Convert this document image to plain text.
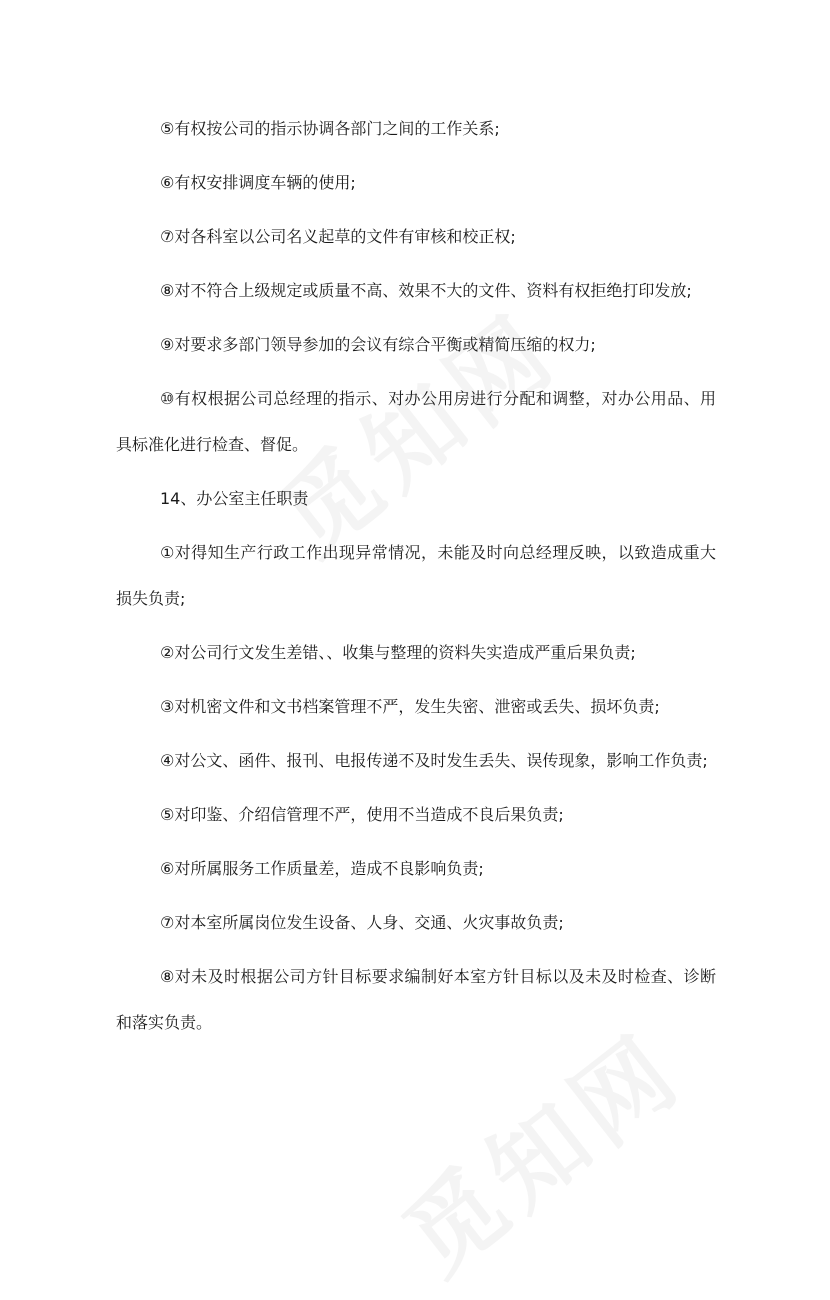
⑤有权按公司的指示协调各部门之间的工作关系;

⑥有权安排调度车辆的使用;

⑦对各科室以公司名义起草的文件有审核和校正权;

⑧对不符合上级规定或质量不高、效果不大的文件、资料有权拒绝打印发放;

⑨对要求多部门领导参加的会议有综合平衡或精简压缩的权力;

⑩有权根据公司总经理的指示、对办公用房进行分配和调整，对办公用品、用具标准化进行检查、督促。

14、办公室主任职责

①对得知生产行政工作出现异常情况，未能及时向总经理反映，以致造成重大损失负责;

②对公司行文发生差错、、收集与整理的资料失实造成严重后果负责;

③对机密文件和文书档案管理不严，发生失密、泄密或丢失、损坏负责;

④对公文、函件、报刊、电报传递不及时发生丢失、误传现象，影响工作负责;

⑤对印鉴、介绍信管理不严，使用不当造成不良后果负责;

⑥对所属服务工作质量差，造成不良影响负责;

⑦对本室所属岗位发生设备、人身、交通、火灾事故负责;

⑧对未及时根据公司方针目标要求编制好本室方针目标以及未及时检查、诊断和落实负责。
